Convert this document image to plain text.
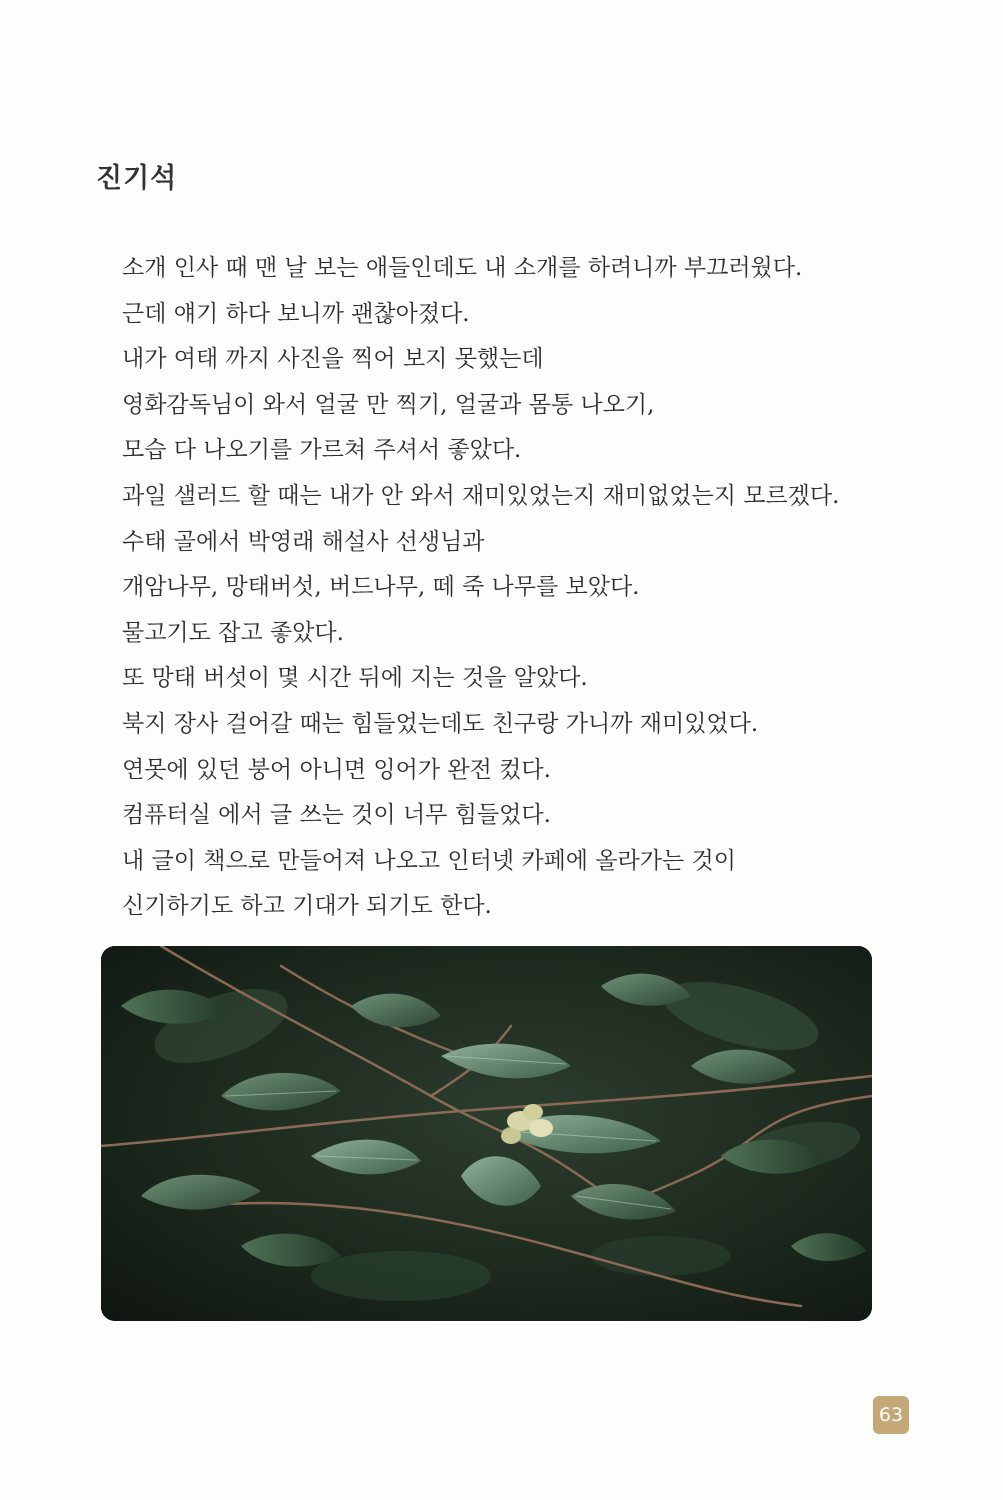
진기석
소개 인사 때 맨 날 보는 애들인데도 내 소개를 하려니까 부끄러웠다.
근데 얘기 하다 보니까 괜찮아졌다.
내가 여태 까지 사진을 찍어 보지 못했는데
영화감독님이 와서 얼굴 만 찍기, 얼굴과 몸통 나오기,
모습 다 나오기를 가르쳐 주셔서 좋았다.
과일 샐러드 할 때는 내가 안 와서 재미있었는지 재미없었는지 모르겠다.
수태 골에서 박영래 해설사 선생님과
개암나무, 망태버섯, 버드나무, 떼 죽 나무를 보았다.
물고기도 잡고 좋았다.
또 망태 버섯이 몇 시간 뒤에 지는 것을 알았다.
북지 장사 걸어갈 때는 힘들었는데도 친구랑 가니까 재미있었다.
연못에 있던 붕어 아니면 잉어가 완전 컸다.
컴퓨터실 에서 글 쓰는 것이 너무 힘들었다.
내 글이 책으로 만들어져 나오고 인터넷 카페에 올라가는 것이
신기하기도 하고 기대가 되기도 한다.
63
